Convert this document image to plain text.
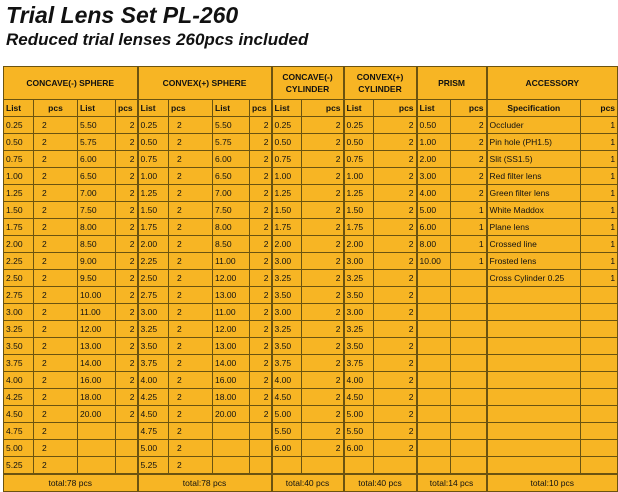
Trial Lens Set PL-260
Reduced trial lenses 260pcs included
CONCAVE(-) SPHERE				CONVEX(+) SPHERE				CONCAVE(-) CYLINDER		CONVEX(+) CYLINDER		PRISM		ACCESSORY	
List	pcs	List	pcs	List	pcs	List	pcs	List	pcs	List	pcs	List	pcs	Specification	pcs
0.25	2	5.50	2	0.25	2	5.50	2	0.25	2	0.25	2	0.50	2	Occluder	1
0.50	2	5.75	2	0.50	2	5.75	2	0.50	2	0.50	2	1.00	2	Pin hole (PH1.5)	1
0.75	2	6.00	2	0.75	2	6.00	2	0.75	2	0.75	2	2.00	2	Slit (SS1.5)	1
1.00	2	6.50	2	1.00	2	6.50	2	1.00	2	1.00	2	3.00	2	Red filter lens	1
1.25	2	7.00	2	1.25	2	7.00	2	1.25	2	1.25	2	4.00	2	Green filter lens	1
1.50	2	7.50	2	1.50	2	7.50	2	1.50	2	1.50	2	5.00	1	White Maddox	1
1.75	2	8.00	2	1.75	2	8.00	2	1.75	2	1.75	2	6.00	1	Plane lens	1
2.00	2	8.50	2	2.00	2	8.50	2	2.00	2	2.00	2	8.00	1	Crossed line	1
2.25	2	9.00	2	2.25	2	11.00	2	3.00	2	3.00	2	10.00	1	Frosted lens	1
2.50	2	9.50	2	2.50	2	12.00	2	3.25	2	3.25	2			Cross Cylinder 0.25	1
2.75	2	10.00	2	2.75	2	13.00	2	3.50	2	3.50	2				
3.00	2	11.00	2	3.00	2	11.00	2	3.00	2	3.00	2				
3.25	2	12.00	2	3.25	2	12.00	2	3.25	2	3.25	2				
3.50	2	13.00	2	3.50	2	13.00	2	3.50	2	3.50	2				
3.75	2	14.00	2	3.75	2	14.00	2	3.75	2	3.75	2				
4.00	2	16.00	2	4.00	2	16.00	2	4.00	2	4.00	2				
4.25	2	18.00	2	4.25	2	18.00	2	4.50	2	4.50	2				
4.50	2	20.00	2	4.50	2	20.00	2	5.00	2	5.00	2				
4.75	2			4.75	2			5.50	2	5.50	2				
5.00	2			5.00	2			6.00	2	6.00	2				
5.25	2			5.25	2										
total:78 pcs				total:78 pcs				total:40 pcs		total:40 pcs		total:14 pcs		total:10 pcs	
